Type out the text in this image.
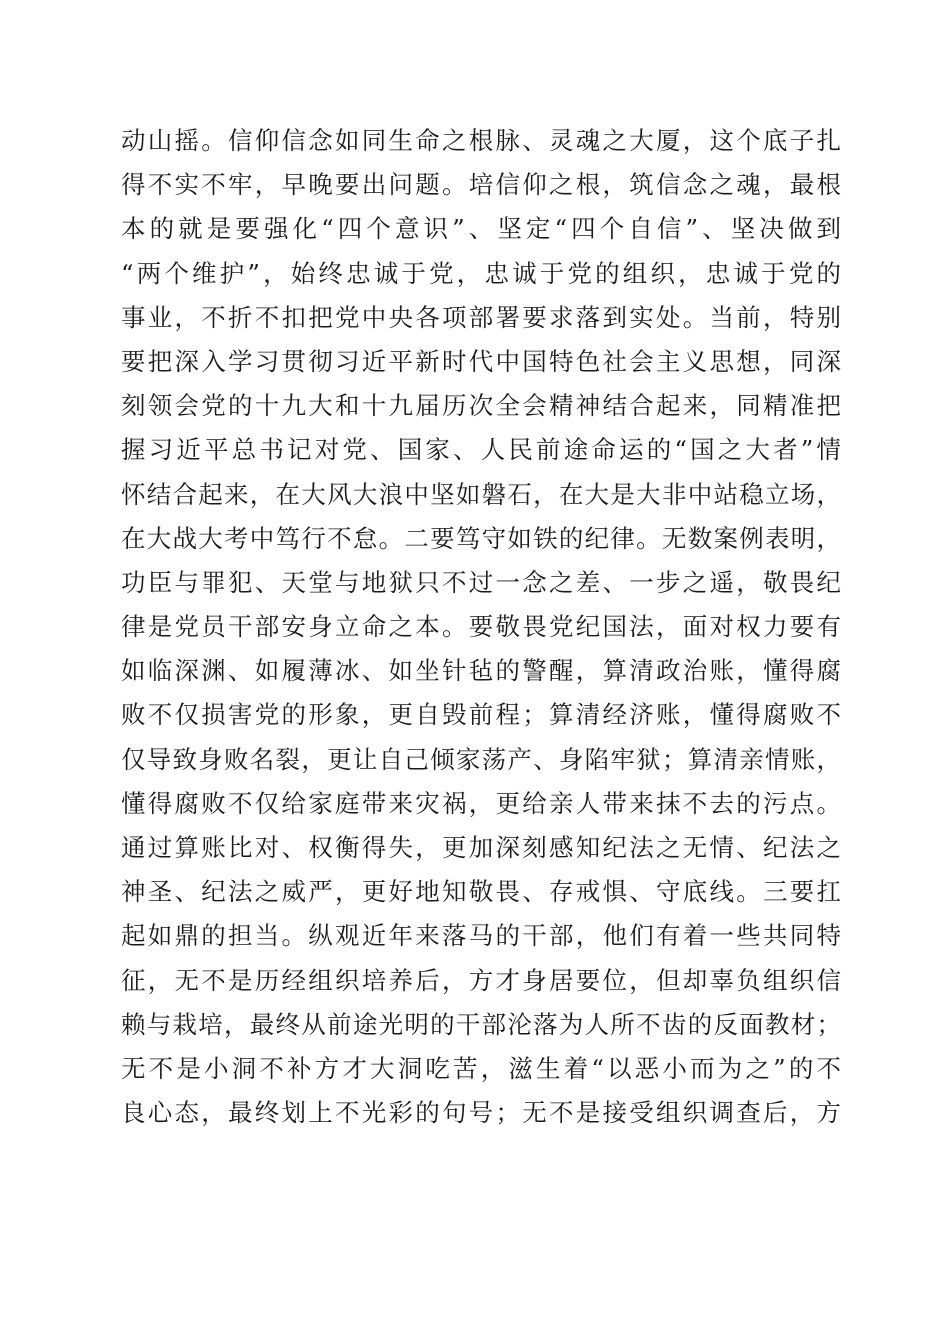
动山摇。信仰信念如同生命之根脉、灵魂之大厦，这个底子扎
得不实不牢，早晚要出问题。培信仰之根，筑信念之魂，最根
本的就是要强化“四个意识”、坚定“四个自信”、坚决做到
“两个维护”，始终忠诚于党，忠诚于党的组织，忠诚于党的
事业，不折不扣把党中央各项部署要求落到实处。当前，特别
要把深入学习贯彻习近平新时代中国特色社会主义思想，同深
刻领会党的十九大和十九届历次全会精神结合起来，同精准把
握习近平总书记对党、国家、人民前途命运的“国之大者”情
怀结合起来，在大风大浪中坚如磐石，在大是大非中站稳立场，
在大战大考中笃行不怠。二要笃守如铁的纪律。无数案例表明，
功臣与罪犯、天堂与地狱只不过一念之差、一步之遥，敬畏纪
律是党员干部安身立命之本。要敬畏党纪国法，面对权力要有
如临深渊、如履薄冰、如坐针毡的警醒，算清政治账，懂得腐
败不仅损害党的形象，更自毁前程；算清经济账，懂得腐败不
仅导致身败名裂，更让自己倾家荡产、身陷牢狱；算清亲情账，
懂得腐败不仅给家庭带来灾祸，更给亲人带来抹不去的污点。
通过算账比对、权衡得失，更加深刻感知纪法之无情、纪法之
神圣、纪法之威严，更好地知敬畏、存戒惧、守底线。三要扛
起如鼎的担当。纵观近年来落马的干部，他们有着一些共同特
征，无不是历经组织培养后，方才身居要位，但却辜负组织信
赖与栽培，最终从前途光明的干部沦落为人所不齿的反面教材；
无不是小洞不补方才大洞吃苦，滋生着“以恶小而为之”的不
良心态，最终划上不光彩的句号；无不是接受组织调查后，方
